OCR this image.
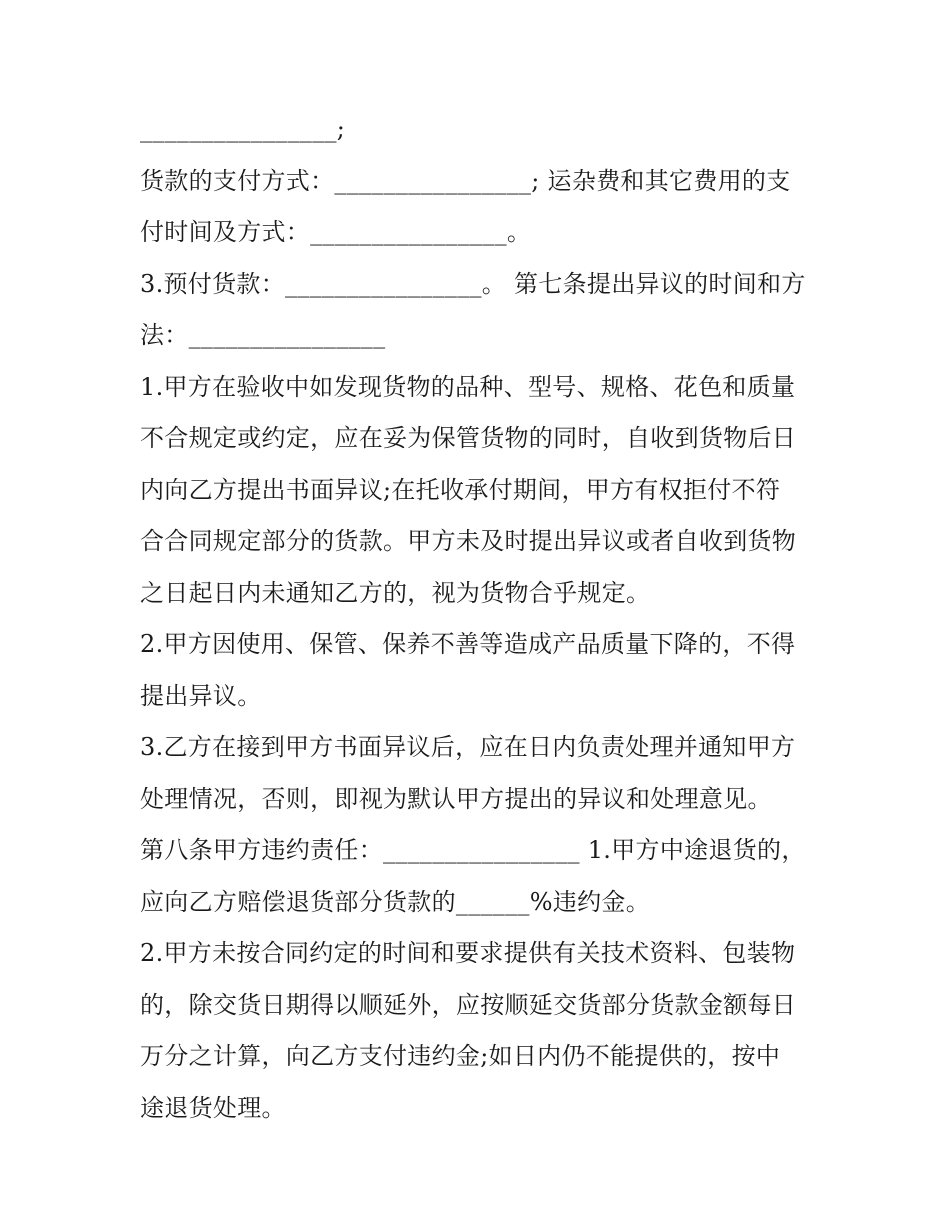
________________;
货款的支付方式：________________; 运杂费和其它费用的支
付时间及方式：________________。
3.预付货款：________________。 第七条提出异议的时间和方
法：________________
1.甲方在验收中如发现货物的品种、型号、规格、花色和质量
不合规定或约定，应在妥为保管货物的同时，自收到货物后日
内向乙方提出书面异议;在托收承付期间，甲方有权拒付不符
合合同规定部分的货款。甲方未及时提出异议或者自收到货物
之日起日内未通知乙方的，视为货物合乎规定。
2.甲方因使用、保管、保养不善等造成产品质量下降的，不得
提出异议。
3.乙方在接到甲方书面异议后，应在日内负责处理并通知甲方
处理情况，否则，即视为默认甲方提出的异议和处理意见。
第八条甲方违约责任：________________ 1.甲方中途退货的，
应向乙方赔偿退货部分货款的______%违约金。
2.甲方未按合同约定的时间和要求提供有关技术资料、包装物
的，除交货日期得以顺延外，应按顺延交货部分货款金额每日
万分之计算，向乙方支付违约金;如日内仍不能提供的，按中
途退货处理。
